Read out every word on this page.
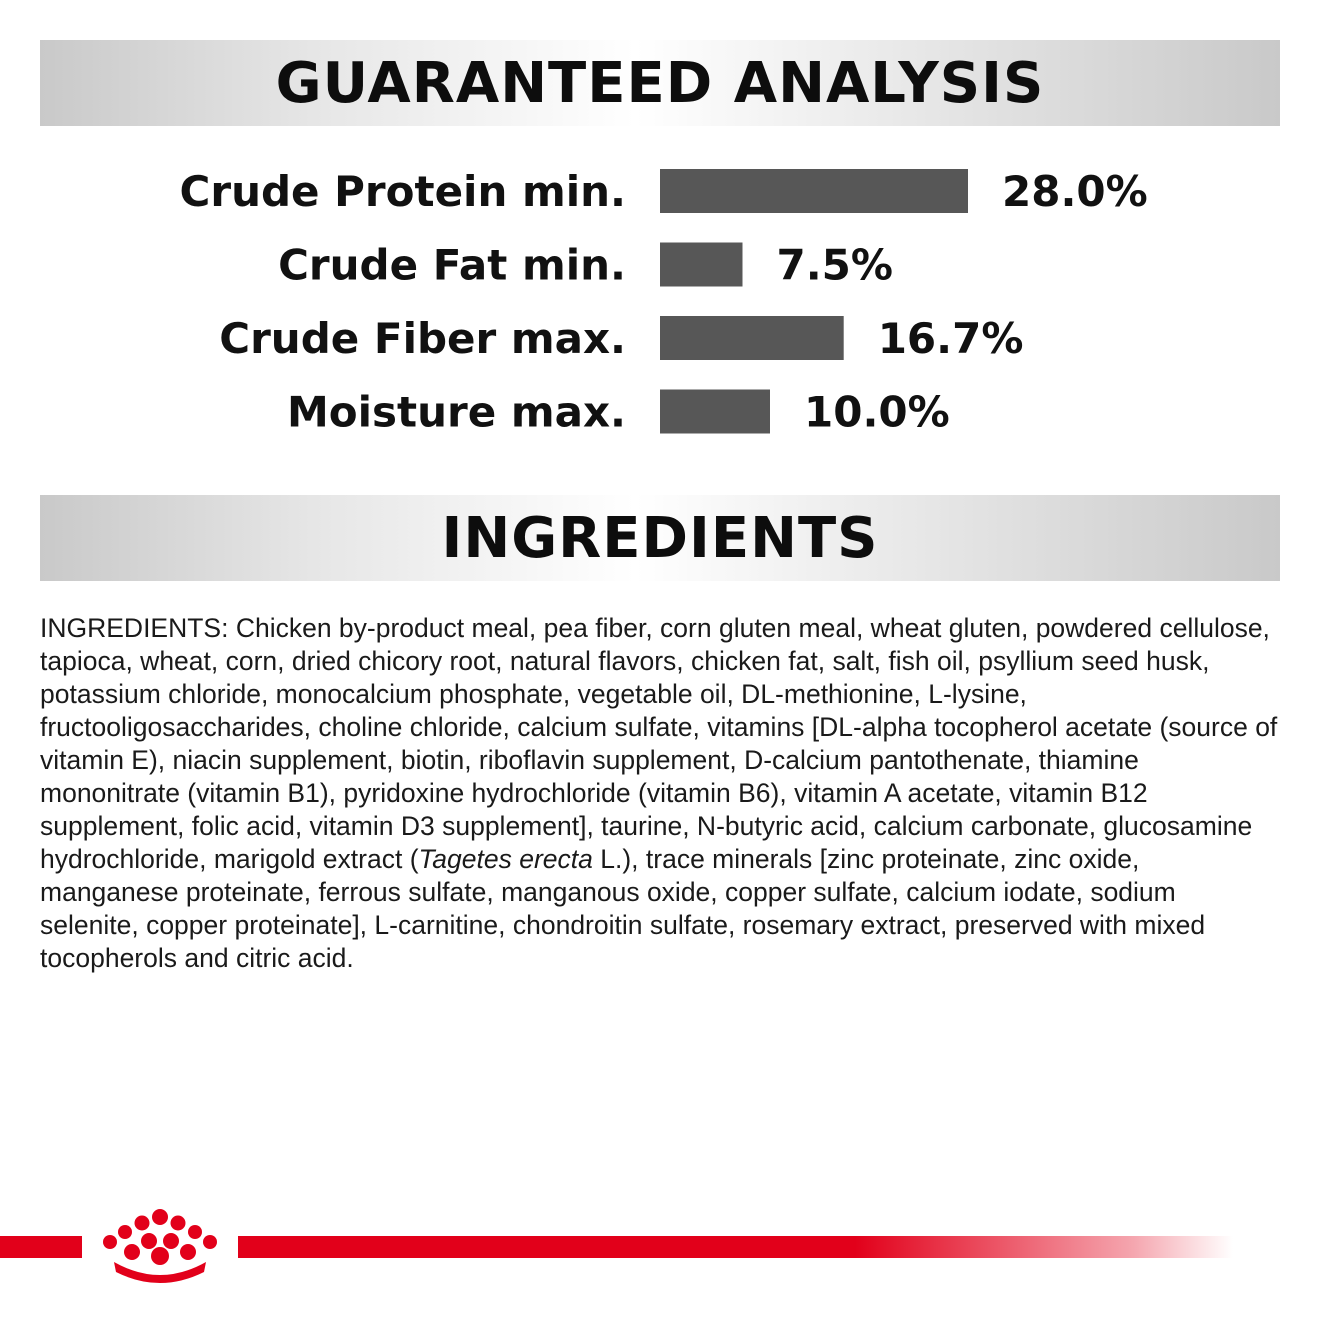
GUARANTEED ANALYSIS
Crude Protein min.	28.0%
Crude Fat min.	7.5%
Crude Fiber max.	16.7%
Moisture max.	10.0%
INGREDIENTS

INGREDIENTS: Chicken by-product meal, pea fiber, corn gluten meal, wheat gluten, powdered cellulose, tapioca, wheat, corn, dried chicory root, natural flavors, chicken fat, salt, fish oil, psyllium seed husk, potassium chloride, monocalcium phosphate, vegetable oil, DL-methionine, L-lysine, fructooligosaccharides, choline chloride, calcium sulfate, vitamins [DL-alpha tocopherol acetate (source of vitamin E), niacin supplement, biotin, riboflavin supplement, D-calcium pantothenate, thiamine mononitrate (vitamin B1), pyridoxine hydrochloride (vitamin B6), vitamin A acetate, vitamin B12 supplement, folic acid, vitamin D3 supplement], taurine, N-butyric acid, calcium carbonate, glucosamine hydrochloride, marigold extract (Tagetes erecta L.), trace minerals [zinc proteinate, zinc oxide, manganese proteinate, ferrous sulfate, manganous oxide, copper sulfate, calcium iodate, sodium selenite, copper proteinate], L-carnitine, chondroitin sulfate, rosemary extract, preserved with mixed tocopherols and citric acid.
